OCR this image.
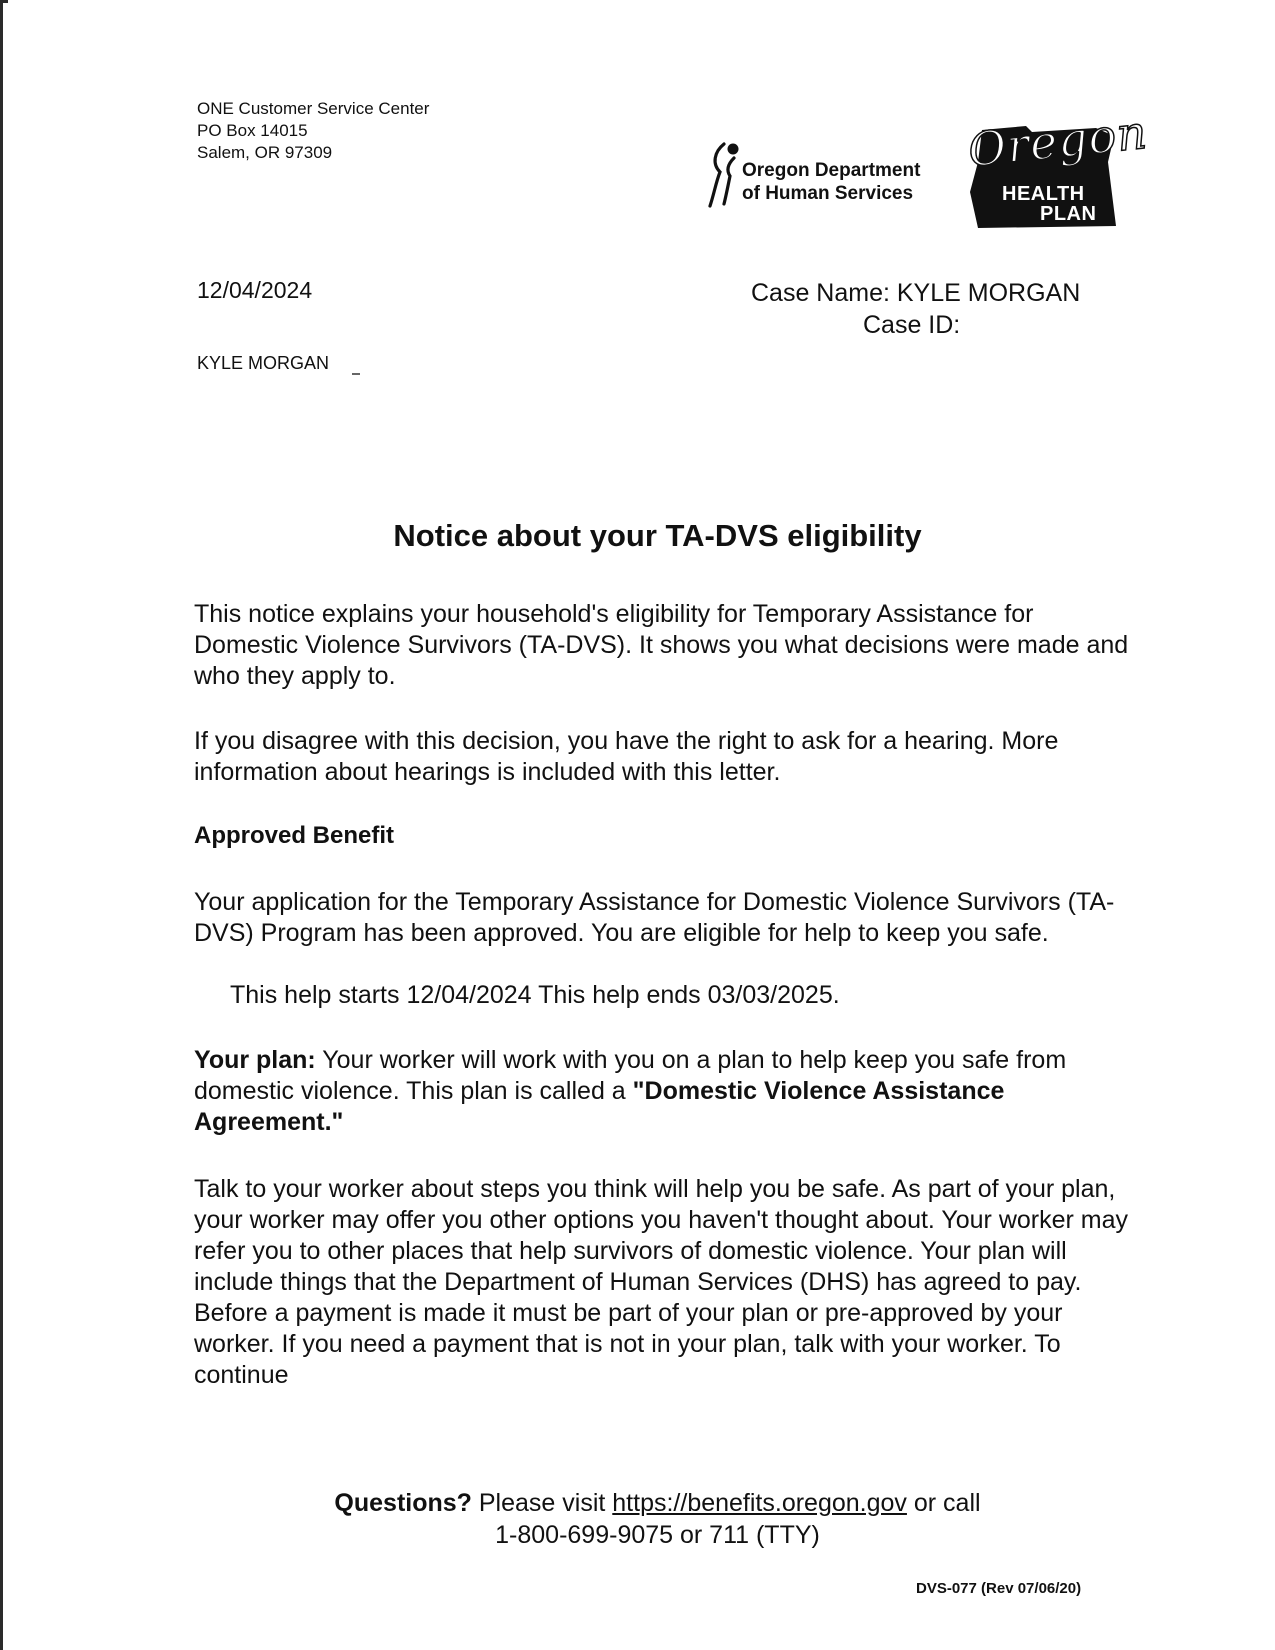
ONE Customer Service Center
PO Box 14015
Salem, OR 97309
Oregon Department
of Human Services
Oregon
HEALTH
PLAN
12/04/2024	Case Name: KYLE MORGAN
Case ID:
KYLE MORGAN
Notice about your TA-DVS eligibility
This notice explains your household's eligibility for Temporary Assistance for Domestic Violence Survivors (TA-DVS). It shows you what decisions were made and who they apply to.
If you disagree with this decision, you have the right to ask for a hearing. More information about hearings is included with this letter.
Approved Benefit
Your application for the Temporary Assistance for Domestic Violence Survivors (TA-DVS) Program has been approved. You are eligible for help to keep you safe.
This help starts 12/04/2024 This help ends 03/03/2025.
Your plan: Your worker will work with you on a plan to help keep you safe from domestic violence. This plan is called a "Domestic Violence Assistance Agreement."
Talk to your worker about steps you think will help you be safe. As part of your plan, your worker may offer you other options you haven't thought about. Your worker may refer you to other places that help survivors of domestic violence. Your plan will include things that the Department of Human Services (DHS) has agreed to pay. Before a payment is made it must be part of your plan or pre-approved by your worker. If you need a payment that is not in your plan, talk with your worker. To continue
Questions? Please visit https://benefits.oregon.gov or call
1-800-699-9075 or 711 (TTY)
DVS-077 (Rev 07/06/20)
